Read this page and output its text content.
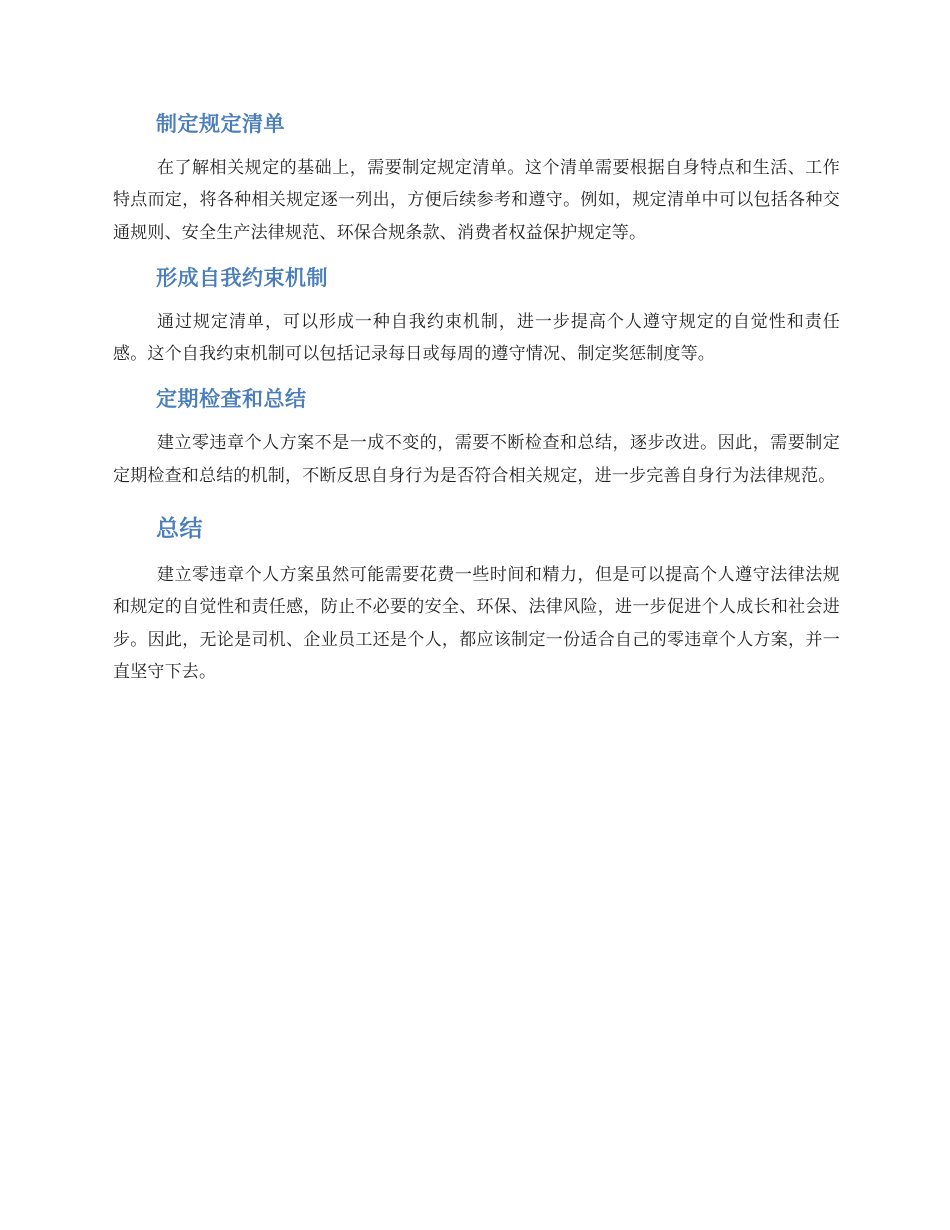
制定规定清单

在了解相关规定的基础上，需要制定规定清单。这个清单需要根据自身特点和生活、工作特点而定，将各种相关规定逐一列出，方便后续参考和遵守。例如，规定清单中可以包括各种交通规则、安全生产法律规范、环保合规条款、消费者权益保护规定等。

形成自我约束机制

通过规定清单，可以形成一种自我约束机制，进一步提高个人遵守规定的自觉性和责任感。这个自我约束机制可以包括记录每日或每周的遵守情况、制定奖惩制度等。

定期检查和总结

建立零违章个人方案不是一成不变的，需要不断检查和总结，逐步改进。因此，需要制定定期检查和总结的机制，不断反思自身行为是否符合相关规定，进一步完善自身行为法律规范。

总结

建立零违章个人方案虽然可能需要花费一些时间和精力，但是可以提高个人遵守法律法规和规定的自觉性和责任感，防止不必要的安全、环保、法律风险，进一步促进个人成长和社会进步。因此，无论是司机、企业员工还是个人，都应该制定一份适合自己的零违章个人方案，并一直坚守下去。
